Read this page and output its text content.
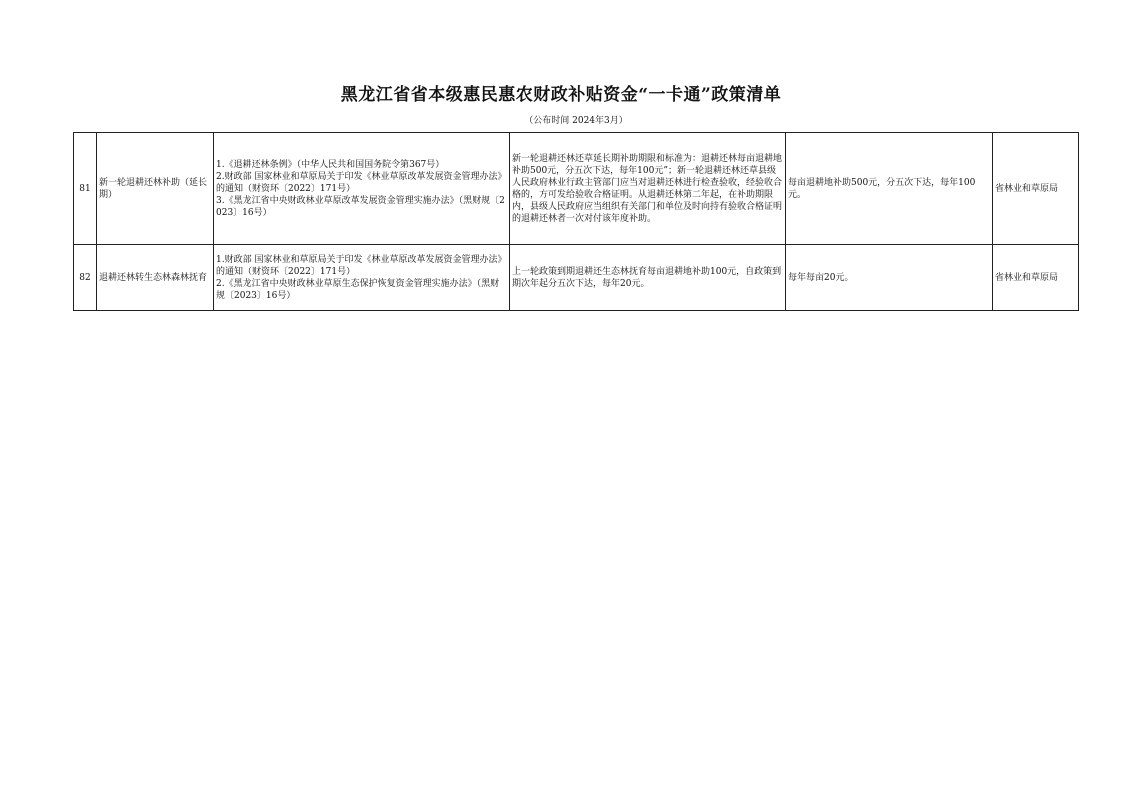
黑龙江省省本级惠民惠农财政补贴资金“一卡通”政策清单
（公布时间 2024年3月）
81	新一轮退耕还林补助（延长期）	1.《退耕还林条例》（中华人民共和国国务院令第367号）
2.财政部 国家林业和草原局关于印发《林业草原改革发展资金管理办法》的通知（财资环〔2022〕171号）
3.《黑龙江省中央财政林业草原改革发展资金管理实施办法》（黑财规〔2023〕16号）	新一轮退耕还林还草延长期补助期限和标准为：退耕还林每亩退耕地补助500元，分五次下达，每年100元”；新一轮退耕还林还草县级人民政府林业行政主管部门应当对退耕还林进行检查验收，经验收合格的，方可发给验收合格证明。从退耕还林第二年起，在补助期限内，县级人民政府应当组织有关部门和单位及时向持有验收合格证明的退耕还林者一次对付该年度补助。	每亩退耕地补助500元，分五次下达，每年100元。	省林业和草原局
82	退耕还林转生态林森林抚育	1.财政部 国家林业和草原局关于印发《林业草原改革发展资金管理办法》的通知（财资环〔2022〕171号）
2.《黑龙江省中央财政林业草原生态保护恢复资金管理实施办法》（黑财规〔2023〕16号）	上一轮政策到期退耕还生态林抚育每亩退耕地补助100元，自政策到期次年起分五次下达，每年20元。	每年每亩20元。	省林业和草原局
